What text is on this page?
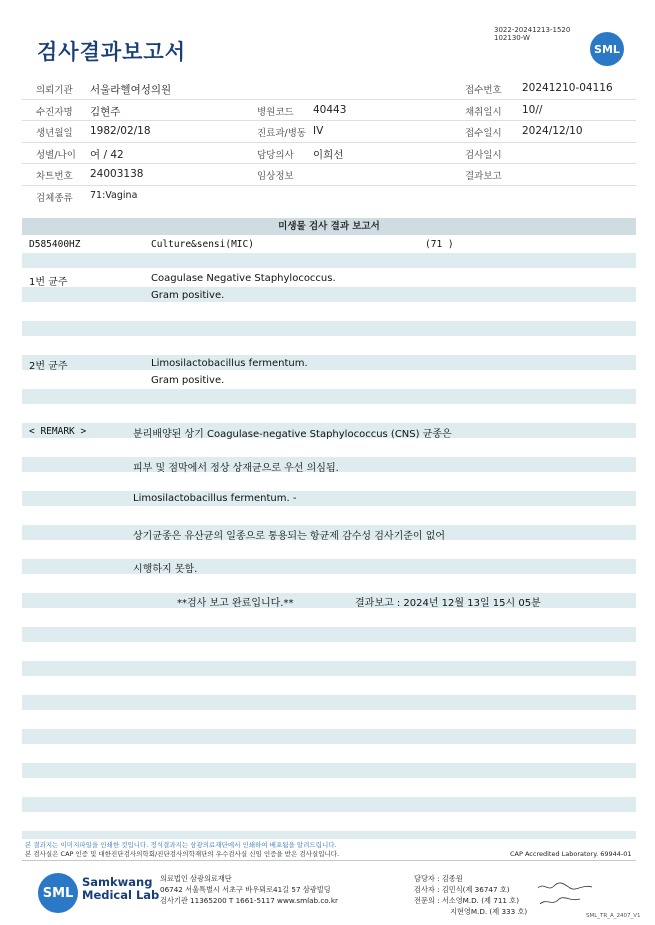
검사결과보고서
3022-20241213-1520
102130-W
SML
의뢰기관 서울라헬여성의원	접수번호 20241210-04116
수진자명 김현주	병원코드 40443	채취일시 10//
생년월일 1982/02/18	진료과/병동 IV	접수일시 2024/12/10
성별/나이 여 / 42	담당의사 이희선	검사일시
차트번호 24003138	임상정보	결과보고
검체종류 71:Vagina
미생물 검사 결과 보고서
D585400HZ	Culture&sensi(MIC)	(71 )
1번 균주	Coagulase Negative Staphylococcus.
Gram positive.
2번 균주	Limosilactobacillus fermentum.
Gram positive.
< REMARK >	분리배양된 상기 Coagulase-negative Staphylococcus (CNS) 균종은
피부 및 점막에서 정상 상재균으로 우선 의심됨.
Limosilactobacillus fermentum. -
상기균종은 유산균의 일종으로 통용되는 항균제 감수성 검사기준이 없어
시행하지 못함.
**검사 보고 완료입니다.**	결과보고 : 2024년 12월 13일 15시 05분
본 결과지는 이미지파일을 인쇄한 것입니다. 정식결과지는 삼광의료재단에서 인쇄하여 배포됨을 알려드립니다.
본 검사실은 CAP 인증 및 대한진단검사의학회/진단검사의학재단의 우수검사실 신임 인증을 받은 검사실입니다.	CAP Accredited Laboratory. 69944-01
SML
Samkwang
Medical Lab
의료법인 삼광의료재단
06742 서울특별시 서초구 바우뫼로41길 57 삼광빌딩
검사기관 11365200 T 1661-5117 www.smlab.co.kr
담당자 : 김종원
검사자 : 김민식(제 36747 호)
전문의 : 서소영M.D. (제 711 호)
지현영M.D. (제 333 호)	SML_TR_A_2407_V1
